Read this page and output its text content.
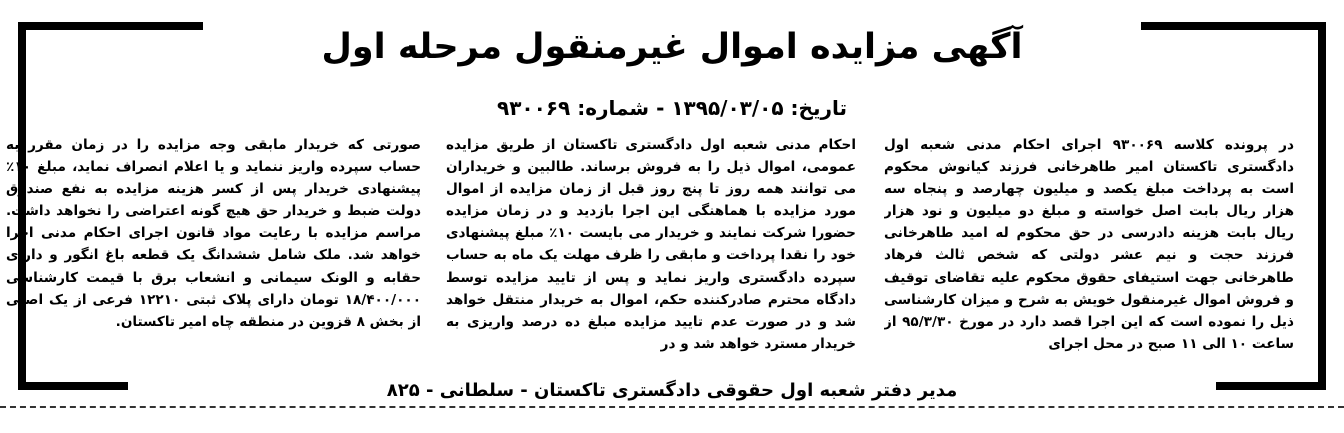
آگهی مزایده اموال غیرمنقول مرحله اول
تاریخ: ۱۳۹۵/۰۳/۰۵ - شماره: ۹۳۰۰۶۹
در پرونده کلاسه ۹۳۰۰۶۹ اجرای احکام مدنی شعبه اول دادگستری تاکستان امیر طاهرخانی فرزند کیانوش محکوم است به پرداخت مبلغ یکصد و میلیون چهارصد و پنجاه سه هزار ریال بابت اصل خواسته و مبلغ دو میلیون و نود هزار ریال بابت هزینه دادرسی در حق محکوم له امید طاهرخانی فرزند حجت و نیم عشر دولتی که شخص ثالث فرهاد طاهرخانی جهت استیفای حقوق محکوم علیه تقاضای توقیف و فروش اموال غیرمنقول خویش به شرح و میزان کارشناسی ذیل را نموده است که این اجرا قصد دارد در مورخ ۹۵/۳/۳۰ از ساعت ۱۰ الی ۱۱ صبح در محل اجرای
احکام مدنی شعبه اول دادگستری تاکستان از طریق مزایده عمومی، اموال ذیل را به فروش برساند. طالبین و خریداران می توانند همه روز تا پنج روز قبل از زمان مزایده از اموال مورد مزایده با هماهنگی این اجرا بازدید و در زمان مزایده حضورا شرکت نمایند و خریدار می بایست ۱۰٪ مبلغ پیشنهادی خود را نقدا پرداخت و مابقی را ظرف مهلت یک ماه به حساب سپرده دادگستری واریز نماید و پس از تایید مزایده توسط دادگاه محترم صادرکننده حکم، اموال به خریدار منتقل خواهد شد و در صورت عدم تایید مزایده مبلغ ده درصد واریزی به خریدار مسترد خواهد شد و در
صورتی که خریدار مابقی وجه مزایده را در زمان مقرر به حساب سپرده واریز ننماید و یا اعلام انصراف نماید، مبلغ ۱۰٪ پیشنهادی خریدار پس از کسر هزینه مزایده به نفع صندوق دولت ضبط و خریدار حق هیچ گونه اعتراضی را نخواهد داشت. مراسم مزایده با رعایت مواد قانون اجرای احکام مدنی اجرا خواهد شد. ملک شامل ششدانگ یک قطعه باغ انگور و دارای حقابه و الونک سیمانی و انشعاب برق با قیمت کارشناسی ۱۸/۴۰۰/۰۰۰ تومان دارای پلاک ثبتی ۱۲۲۱۰ فرعی از یک اصلی از بخش ۸ قزوین در منطقه چاه امیر تاکستان.
مدیر دفتر شعبه اول حقوقی دادگستری تاکستان - سلطانی - ۸۲۵
